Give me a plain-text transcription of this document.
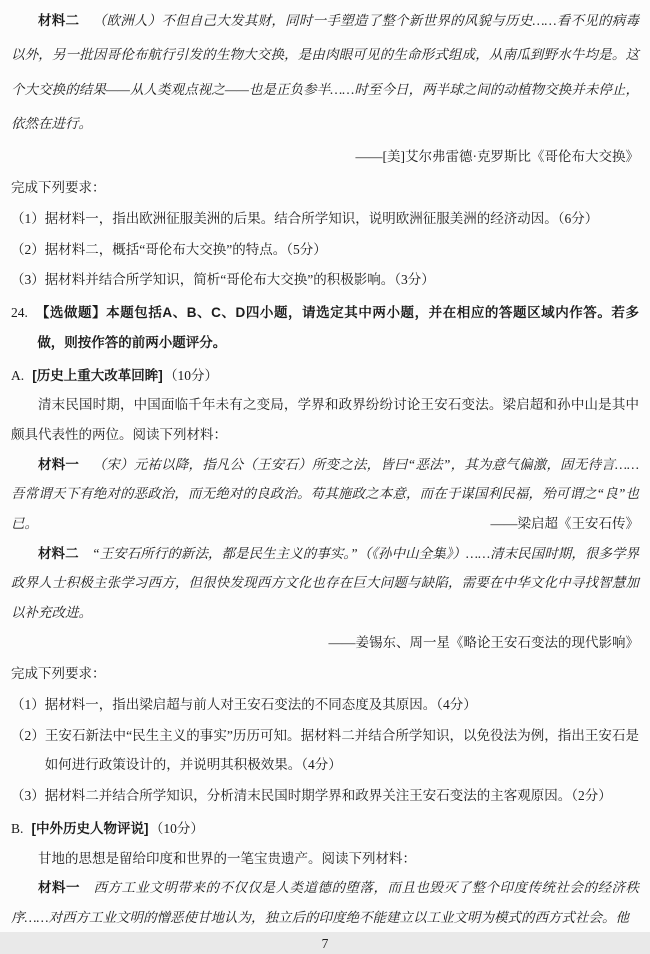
材料二 （欧洲人）不但自己大发其财，同时一手塑造了整个新世界的风貌与历史……看不见的病毒以外，另一批因哥伦布航行引发的生物大交换，是由肉眼可见的生命形式组成，从南瓜到野水牛均是。这个大交换的结果——从人类观点视之——也是正负参半……时至今日，两半球之间的动植物交换并未停止，依然在进行。

——[美]艾尔弗雷德·克罗斯比《哥伦布大交换》

完成下列要求：

（1）据材料一，指出欧洲征服美洲的后果。结合所学知识，说明欧洲征服美洲的经济动因。（6分）

（2）据材料二，概括“哥伦布大交换”的特点。（5分）

（3）据材料并结合所学知识，简析“哥伦布大交换”的积极影响。（3分）

24. 【选做题】本题包括A、B、C、D四小题，请选定其中两小题，并在相应的答题区域内作答。若多做，则按作答的前两小题评分。

A. [历史上重大改革回眸]（10分）

清末民国时期，中国面临千年未有之变局，学界和政界纷纷讨论王安石变法。梁启超和孙中山是其中颇具代表性的两位。阅读下列材料：

材料一 （宋）元祐以降，指凡公（王安石）所变之法，皆曰“恶法”，其为意气偏激，固无待言……吾常谓天下有绝对的恶政治，而无绝对的良政治。苟其施政之本意，而在于谋国利民福，殆可谓之“良”也已。	——梁启超《王安石传》

材料二 “王安石所行的新法，都是民生主义的事实。”（《孙中山全集》）……清末民国时期，很多学界政界人士积极主张学习西方，但很快发现西方文化也存在巨大问题与缺陷，需要在中华文化中寻找智慧加以补充改进。

——姜锡东、周一星《略论王安石变法的现代影响》

完成下列要求：

（1）据材料一，指出梁启超与前人对王安石变法的不同态度及其原因。（4分）

（2）王安石新法中“民生主义的事实”历历可知。据材料二并结合所学知识，以免役法为例，指出王安石是如何进行政策设计的，并说明其积极效果。（4分）

（3）据材料二并结合所学知识，分析清末民国时期学界和政界关注王安石变法的主客观原因。（2分）

B. [中外历史人物评说]（10分）

甘地的思想是留给印度和世界的一笔宝贵遗产。阅读下列材料：

材料一 西方工业文明带来的不仅仅是人类道德的堕落，而且也毁灭了整个印度传统社会的经济秩序……对西方工业文明的憎恶使甘地认为，独立后的印度绝不能建立以工业文明为模式的西方式社会。他

7
